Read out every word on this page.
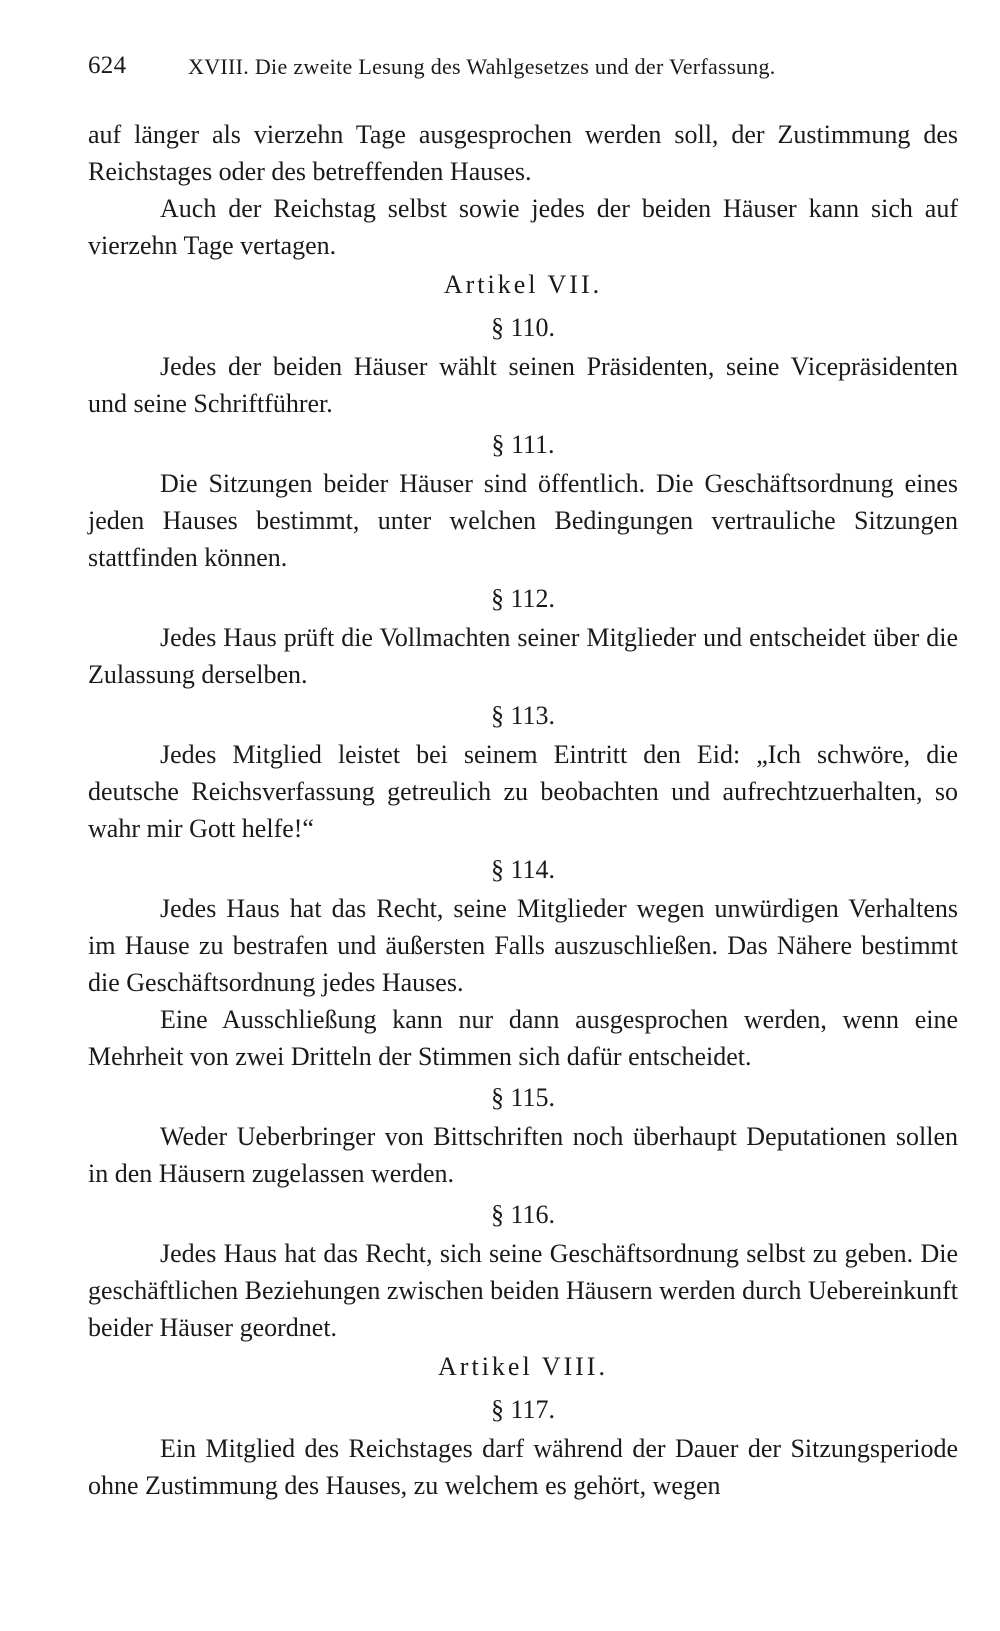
624	XVIII. Die zweite Lesung des Wahlgesetzes und der Verfassung.

auf länger als vierzehn Tage ausgesprochen werden soll, der Zustimmung des Reichstages oder des betreffenden Hauses.

Auch der Reichstag selbst sowie jedes der beiden Häuser kann sich auf vierzehn Tage vertagen.

Artikel VII.

§ 110.

Jedes der beiden Häuser wählt seinen Präsidenten, seine Vicepräsidenten und seine Schriftführer.

§ 111.

Die Sitzungen beider Häuser sind öffentlich. Die Geschäftsordnung eines jeden Hauses bestimmt, unter welchen Bedingungen vertrauliche Sitzungen stattfinden können.

§ 112.

Jedes Haus prüft die Vollmachten seiner Mitglieder und entscheidet über die Zulassung derselben.

§ 113.

Jedes Mitglied leistet bei seinem Eintritt den Eid: „Ich schwöre, die deutsche Reichsverfassung getreulich zu beobachten und aufrechtzuerhalten, so wahr mir Gott helfe!“

§ 114.

Jedes Haus hat das Recht, seine Mitglieder wegen unwürdigen Verhaltens im Hause zu bestrafen und äußersten Falls auszuschließen. Das Nähere bestimmt die Geschäftsordnung jedes Hauses.

Eine Ausschließung kann nur dann ausgesprochen werden, wenn eine Mehrheit von zwei Dritteln der Stimmen sich dafür entscheidet.

§ 115.

Weder Ueberbringer von Bittschriften noch überhaupt Deputationen sollen in den Häusern zugelassen werden.

§ 116.

Jedes Haus hat das Recht, sich seine Geschäftsordnung selbst zu geben. Die geschäftlichen Beziehungen zwischen beiden Häusern werden durch Uebereinkunft beider Häuser geordnet.

Artikel VIII.

§ 117.

Ein Mitglied des Reichstages darf während der Dauer der Sitzungsperiode ohne Zustimmung des Hauses, zu welchem es gehört, wegen
